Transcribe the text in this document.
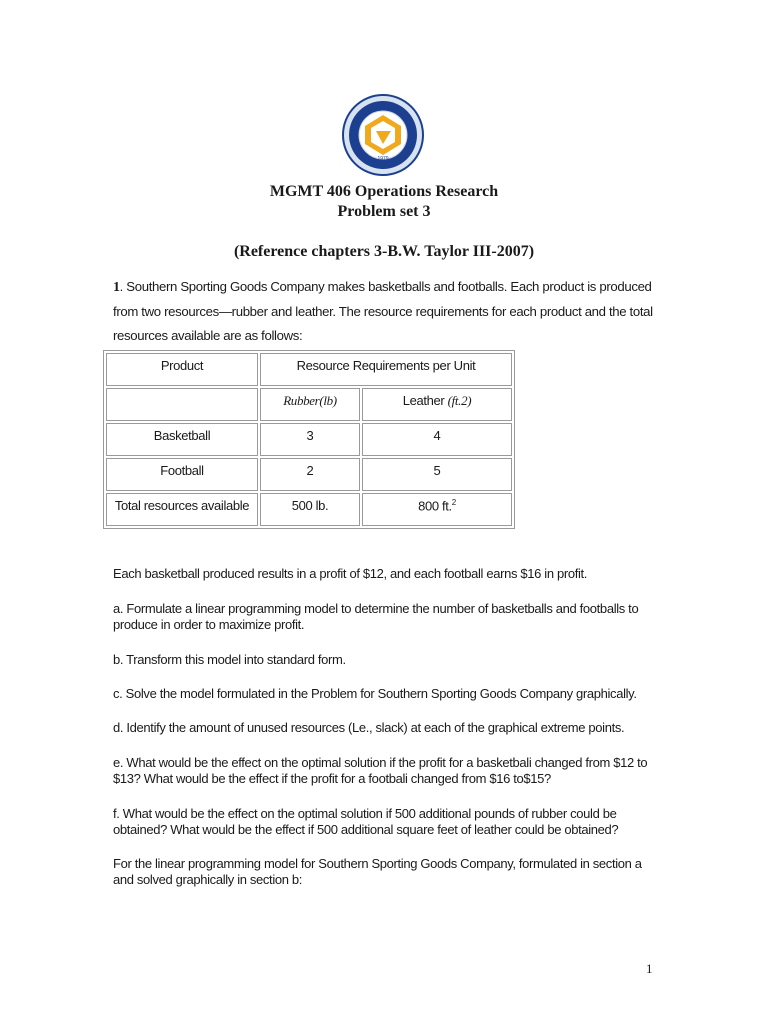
1979
MGMT 406 Operations Research
Problem set 3
(Reference chapters 3-B.W. Taylor III-2007)
1. Southern Sporting Goods Company makes basketballs and footballs. Each product is produced from two resources—rubber and leather. The resource requirements for each product and the total resources available are as follows:
Product	Resource Requirements per Unit	
	Rubber(lb)	Leather (ft.2)
Basketball	3	4
Football	2	5
Total resources available	500 lb.	800 ft.$^2$
Each basketball produced results in a profit of $12, and each football earns $16 in profit.
a. Formulate a linear programming model to determine the number of basketballs and footballs to produce in order to maximize profit.
b. Transform this model into standard form.
c. Solve the model formulated in the Problem for Southern Sporting Goods Company graphically.
d. Identify the amount of unused resources (Le., slack) at each of the graphical extreme points.
e. What would be the effect on the optimal solution if the profit for a basketbali changed from $12 to $13? What would be the effect if the profit for a footbali changed from $16 to$15?
f. What would be the effect on the optimal solution if 500 additional pounds of rubber could be obtained? What would be the effect if 500 additional square feet of leather could be obtained?
For the linear programming model for Southern Sporting Goods Company, formulated in section a and solved graphically in section b:
1
